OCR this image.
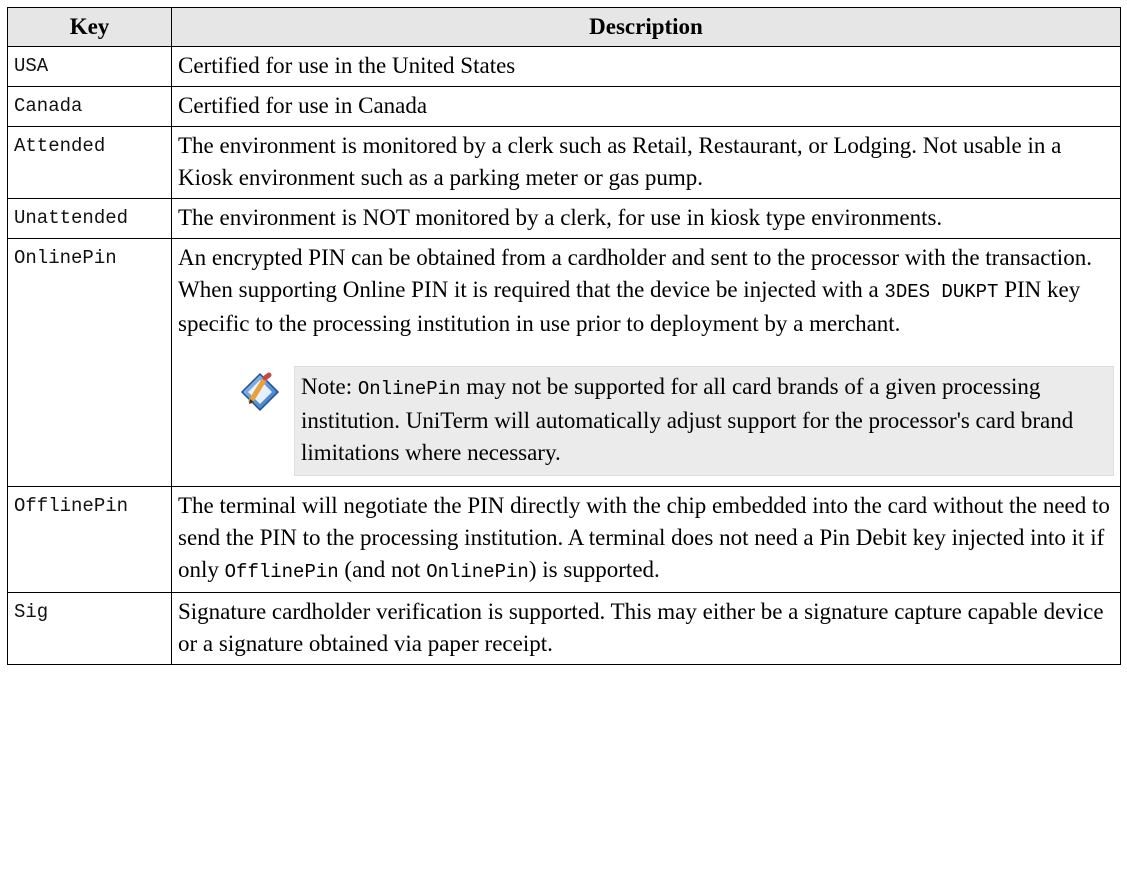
Key	Description
USA	Certified for use in the United States
Canada	Certified for use in Canada
Attended	The environment is monitored by a clerk such as Retail, Restaurant, or Lodging. Not usable in a Kiosk environment such as a parking meter or gas pump.
Unattended	The environment is NOT monitored by a clerk, for use in kiosk type environments.
OnlinePin	An encrypted PIN can be obtained from a cardholder and sent to the processor with the transaction. When supporting Online PIN it is required that the device be injected with a 3DES DUKPT PIN key specific to the processing institution in use prior to deployment by a merchant.
Note: OnlinePin may not be supported for all card brands of a given processing institution. UniTerm will automatically adjust support for the processor's card brand limitations where necessary.

OfflinePin	The terminal will negotiate the PIN directly with the chip embedded into the card without the need to send the PIN to the processing institution. A terminal does not need a Pin Debit key injected into it if only OfflinePin (and not OnlinePin) is supported.
Sig	Signature cardholder verification is supported. This may either be a signature capture capable device or a signature obtained via paper receipt.
